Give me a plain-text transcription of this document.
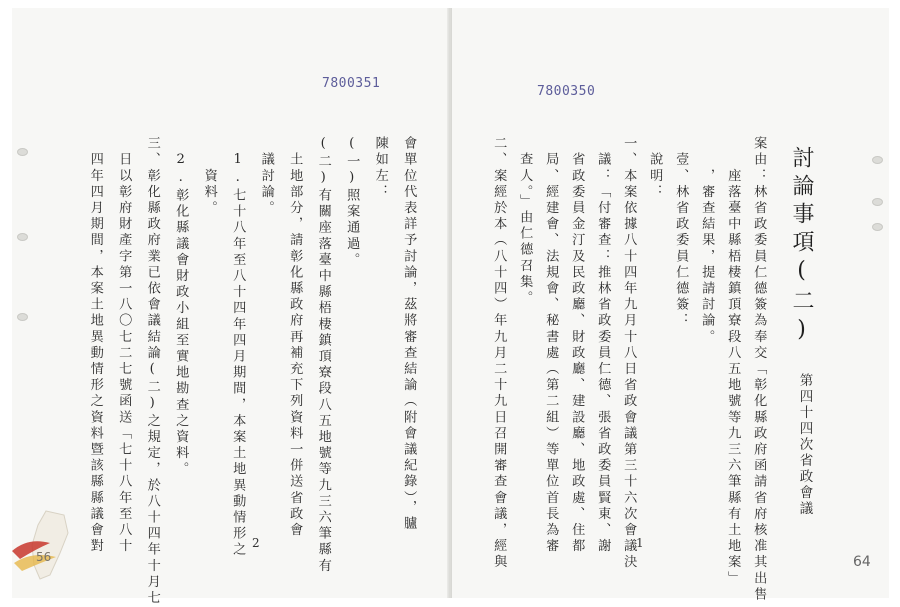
7800351
會單位代表詳予討論，茲將審查結論（附會議紀錄），臚
陳如左：
(一)照案通過。
(二)有關座落臺中縣梧棲鎮頂寮段八五地號等九三六筆縣有
　土地部分，請彰化縣政府再補充下列資料一併送省政會
　議討論。
　1.七十八年至八十四年四月期間，本案土地異動情形之
　　資料。
　2.彰化縣議會財政小組至實地勘查之資料。
三、彰化縣政府業已依會議結論(二)之規定，於八十四年十月七
　日以彰府財產字第一八〇七二七號函送「七十八年至八十
　四年四月期間，本案土地異動情形之資料暨該縣縣議會對	2
7800350
討論事項(二)
第四十四次省政會議
案由：林省政委員仁德簽為奉交「彰化縣政府函請省府核准其出售
　　座落臺中縣梧棲鎮頂寮段八五地號等九三六筆縣有土地案」
　　，審查結果，提請討論。
　壹、林省政委員仁德簽：
　說明：
一、本案依據八十四年九月十八日省政會議第三十六次會議決
　議：「付審查：推林省政委員仁德、張省政委員賢東、謝
　省政委員金汀及民政廳、財政廳、建設廳、地政處、住都
　局、經建會、法規會、秘書處（第二組）等單位首長為審
　查人。」由仁德召集。
二、案經於本（八十四）年九月二十九日召開審查會議，經與	1
64
56
